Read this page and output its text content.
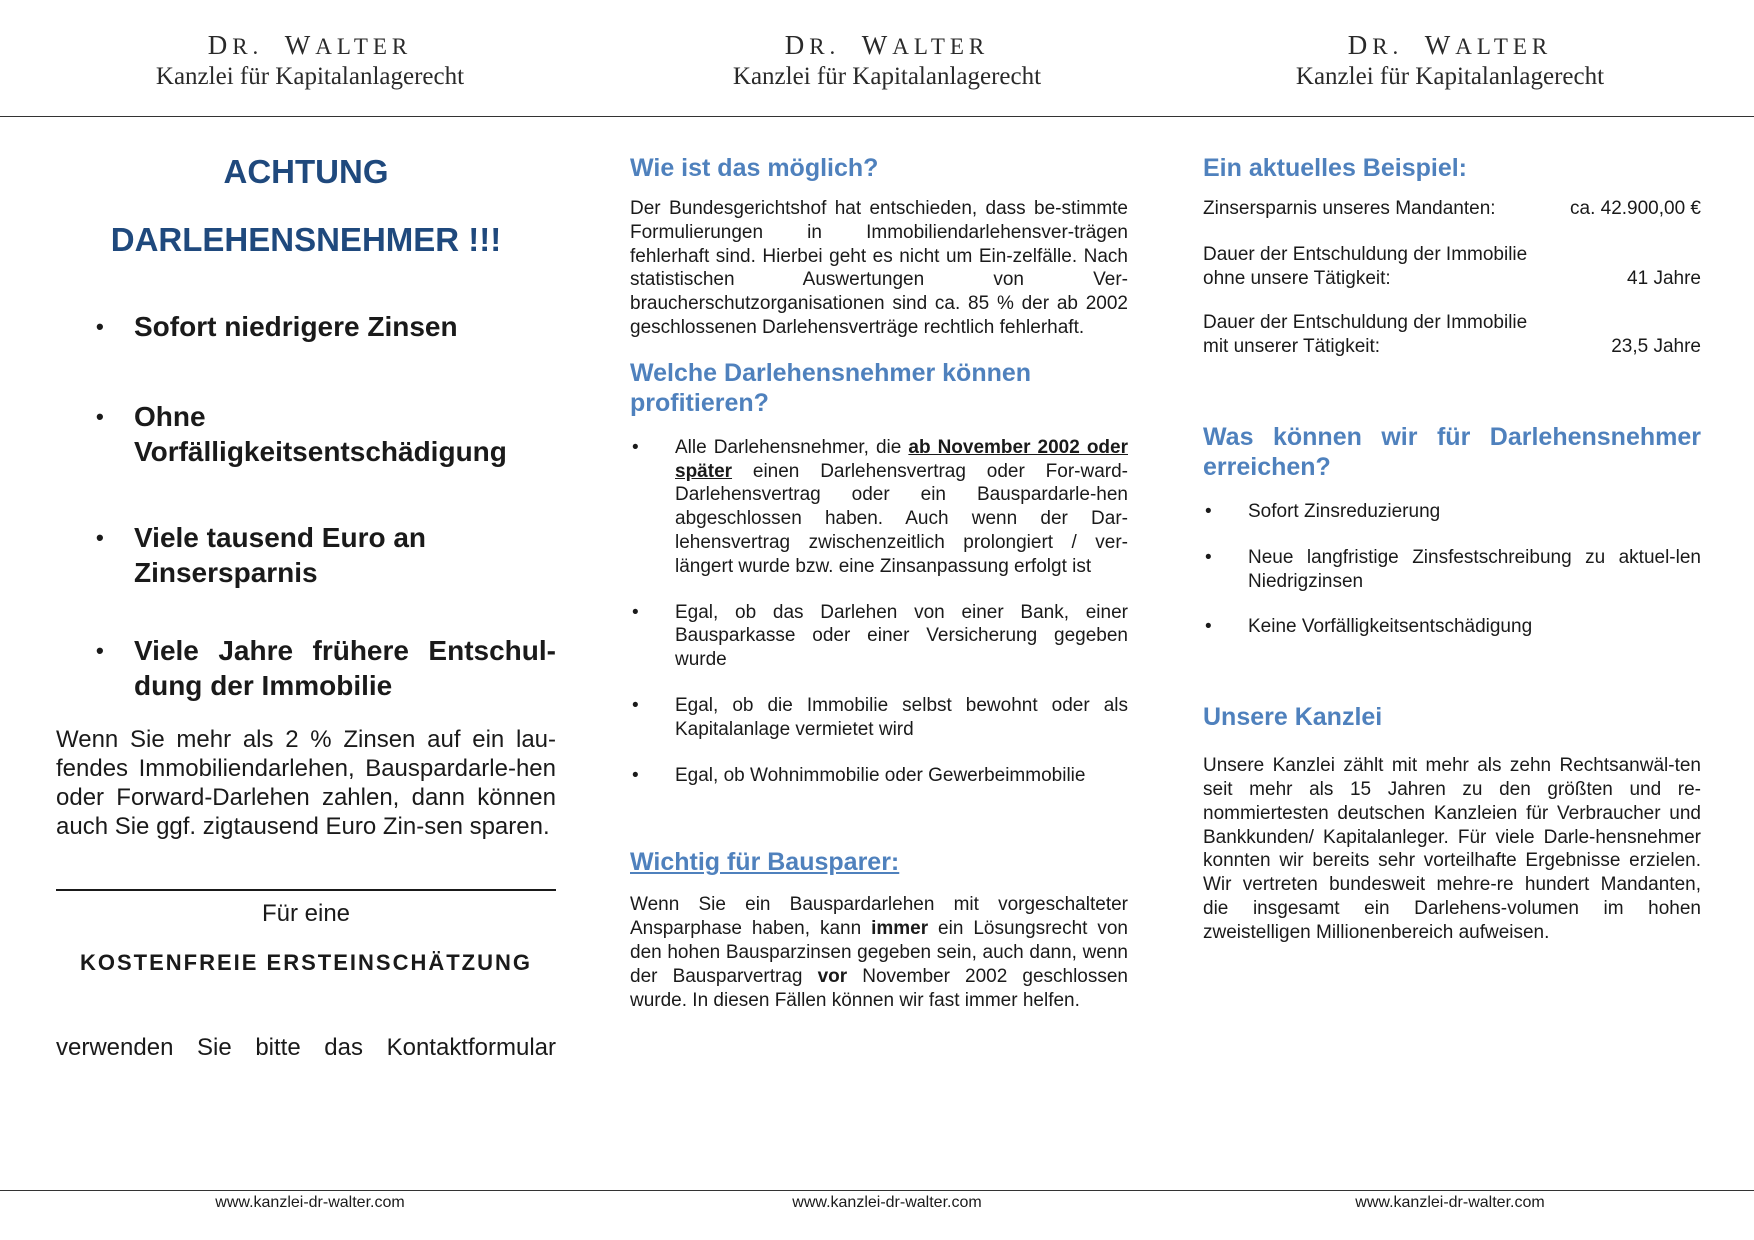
DR. WALTER
Kanzlei für Kapitalanlagerecht
DR. WALTER
Kanzlei für Kapitalanlagerecht
DR. WALTER
Kanzlei für Kapitalanlagerecht
ACHTUNG
DARLEHENSNEHMER !!!
• Sofort niedrigere Zinsen
• Ohne Vorfälligkeitsentschädigung
• Viele tausend Euro an Zinsersparnis
• Viele Jahre frühere Entschul-dung der Immobilie
Wenn Sie mehr als 2 % Zinsen auf ein lau-fendes Immobiliendarlehen, Bauspardarle-hen oder Forward-Darlehen zahlen, dann können auch Sie ggf. zigtausend Euro Zin-sen sparen.
Für eine
KOSTENFREIE ERSTEINSCHÄTZUNG
verwenden Sie bitte das Kontaktformular
Wie ist das möglich?
Der Bundesgerichtshof hat entschieden, dass be-stimmte Formulierungen in Immobiliendarlehensver-trägen fehlerhaft sind. Hierbei geht es nicht um Ein-zelfälle. Nach statistischen Auswertungen von Ver-braucherschutzorganisationen sind ca. 85 % der ab 2002 geschlossenen Darlehensverträge rechtlich fehlerhaft.
Welche Darlehensnehmer können profitieren?
• Alle Darlehensnehmer, die ab November 2002 oder später einen Darlehensvertrag oder For-ward-Darlehensvertrag oder ein Bauspardarle-hen abgeschlossen haben. Auch wenn der Dar-lehensvertrag zwischenzeitlich prolongiert / ver-längert wurde bzw. eine Zinsanpassung erfolgt ist
• Egal, ob das Darlehen von einer Bank, einer Bausparkasse oder einer Versicherung gegeben wurde
• Egal, ob die Immobilie selbst bewohnt oder als Kapitalanlage vermietet wird
• Egal, ob Wohnimmobilie oder Gewerbeimmobilie
Wichtig für Bausparer:
Wenn Sie ein Bauspardarlehen mit vorgeschalteter Ansparphase haben, kann immer ein Lösungsrecht von den hohen Bausparzinsen gegeben sein, auch dann, wenn der Bausparvertrag vor November 2002 geschlossen wurde. In diesen Fällen können wir fast immer helfen.
Ein aktuelles Beispiel:
Zinsersparnis unseres Mandanten:	ca. 42.900,00 €
Dauer der Entschuldung der Immobilie
ohne unsere Tätigkeit:	41 Jahre
Dauer der Entschuldung der Immobilie
mit unserer Tätigkeit:	23,5 Jahre
Was können wir für Darlehensnehmer erreichen?
• Sofort Zinsreduzierung
• Neue langfristige Zinsfestschreibung zu aktuel-len Niedrigzinsen
• Keine Vorfälligkeitsentschädigung
Unsere Kanzlei
Unsere Kanzlei zählt mit mehr als zehn Rechtsanwäl-ten seit mehr als 15 Jahren zu den größten und re-nommiertesten deutschen Kanzleien für Verbraucher und Bankkunden/ Kapitalanleger. Für viele Darle-hensnehmer konnten wir bereits sehr vorteilhafte Ergebnisse erzielen. Wir vertreten bundesweit mehre-re hundert Mandanten, die insgesamt ein Darlehens-volumen im hohen zweistelligen Millionenbereich aufweisen.
www.kanzlei-dr-walter.com	www.kanzlei-dr-walter.com	www.kanzlei-dr-walter.com
